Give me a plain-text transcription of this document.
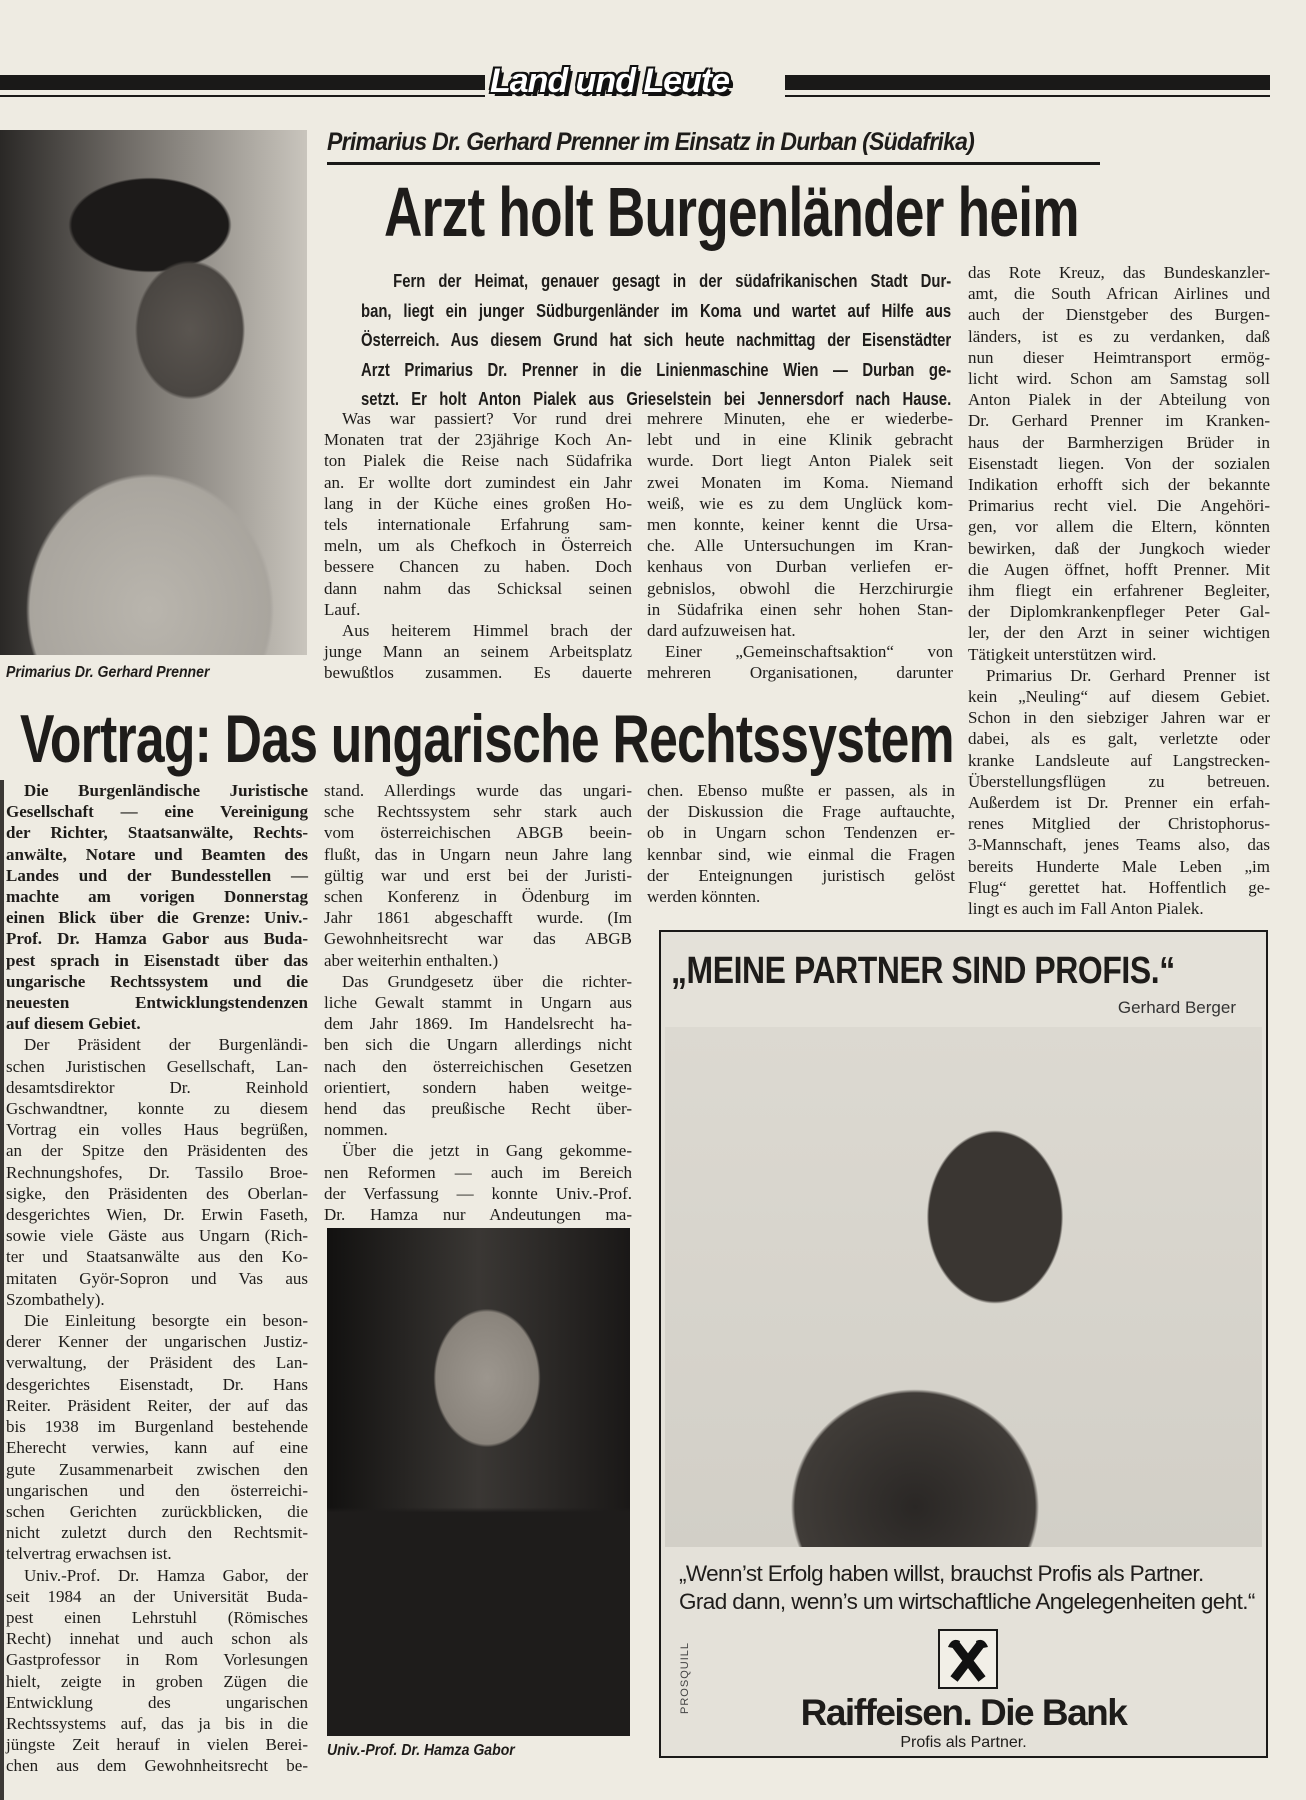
Land und Leute
Primarius Dr. Gerhard Prenner
Primarius Dr. Gerhard Prenner im Einsatz in Durban (Südafrika)
Arzt holt Burgenländer heim
Fern der Heimat, genauer gesagt in der südafrikanischen Stadt Dur-
ban, liegt ein junger Südburgenländer im Koma und wartet auf Hilfe aus
Österreich. Aus diesem Grund hat sich heute nachmittag der Eisenstädter
Arzt Primarius Dr. Prenner in die Linienmaschine Wien — Durban ge-
setzt. Er holt Anton Pialek aus Grieselstein bei Jennersdorf nach Hause.
Was war passiert? Vor rund drei
Monaten trat der 23jährige Koch An-
ton Pialek die Reise nach Südafrika
an. Er wollte dort zumindest ein Jahr
lang in der Küche eines großen Ho-
tels internationale Erfahrung sam-
meln, um als Chefkoch in Österreich
bessere Chancen zu haben. Doch
dann nahm das Schicksal seinen
Lauf.
Aus heiterem Himmel brach der
junge Mann an seinem Arbeitsplatz
bewußtlos zusammen. Es dauerte
mehrere Minuten, ehe er wiederbe-
lebt und in eine Klinik gebracht
wurde. Dort liegt Anton Pialek seit
zwei Monaten im Koma. Niemand
weiß, wie es zu dem Unglück kom-
men konnte, keiner kennt die Ursa-
che. Alle Untersuchungen im Kran-
kenhaus von Durban verliefen er-
gebnislos, obwohl die Herzchirurgie
in Südafrika einen sehr hohen Stan-
dard aufzuweisen hat.
Einer „Gemeinschaftsaktion“ von
mehreren Organisationen, darunter
das Rote Kreuz, das Bundeskanzler-
amt, die South African Airlines und
auch der Dienstgeber des Burgen-
länders, ist es zu verdanken, daß
nun dieser Heimtransport ermög-
licht wird. Schon am Samstag soll
Anton Pialek in der Abteilung von
Dr. Gerhard Prenner im Kranken-
haus der Barmherzigen Brüder in
Eisenstadt liegen. Von der sozialen
Indikation erhofft sich der bekannte
Primarius recht viel. Die Angehöri-
gen, vor allem die Eltern, könnten
bewirken, daß der Jungkoch wieder
die Augen öffnet, hofft Prenner. Mit
ihm fliegt ein erfahrener Begleiter,
der Diplomkrankenpfleger Peter Gal-
ler, der den Arzt in seiner wichtigen
Tätigkeit unterstützen wird.
Primarius Dr. Gerhard Prenner ist
kein „Neuling“ auf diesem Gebiet.
Schon in den siebziger Jahren war er
dabei, als es galt, verletzte oder
kranke Landsleute auf Langstrecken-
Überstellungsflügen zu betreuen.
Außerdem ist Dr. Prenner ein erfah-
renes Mitglied der Christophorus-
3-Mannschaft, jenes Teams also, das
bereits Hunderte Male Leben „im
Flug“ gerettet hat. Hoffentlich ge-
lingt es auch im Fall Anton Pialek.
Vortrag: Das ungarische Rechtssystem
Die Burgenländische Juristische
Gesellschaft — eine Vereinigung
der Richter, Staatsanwälte, Rechts-
anwälte, Notare und Beamten des
Landes und der Bundesstellen —
machte am vorigen Donnerstag
einen Blick über die Grenze: Univ.-
Prof. Dr. Hamza Gabor aus Buda-
pest sprach in Eisenstadt über das
ungarische Rechtssystem und die
neuesten Entwicklungstendenzen
auf diesem Gebiet.
Der Präsident der Burgenländi-
schen Juristischen Gesellschaft, Lan-
desamtsdirektor Dr. Reinhold
Gschwandtner, konnte zu diesem
Vortrag ein volles Haus begrüßen,
an der Spitze den Präsidenten des
Rechnungshofes, Dr. Tassilo Broe-
sigke, den Präsidenten des Oberlan-
desgerichtes Wien, Dr. Erwin Faseth,
sowie viele Gäste aus Ungarn (Rich-
ter und Staatsanwälte aus den Ko-
mitaten Györ-Sopron und Vas aus
Szombathely).
Die Einleitung besorgte ein beson-
derer Kenner der ungarischen Justiz-
verwaltung, der Präsident des Lan-
desgerichtes Eisenstadt, Dr. Hans
Reiter. Präsident Reiter, der auf das
bis 1938 im Burgenland bestehende
Eherecht verwies, kann auf eine
gute Zusammenarbeit zwischen den
ungarischen und den österreichi-
schen Gerichten zurückblicken, die
nicht zuletzt durch den Rechtsmit-
telvertrag erwachsen ist.
Univ.-Prof. Dr. Hamza Gabor, der
seit 1984 an der Universität Buda-
pest einen Lehrstuhl (Römisches
Recht) innehat und auch schon als
Gastprofessor in Rom Vorlesungen
hielt, zeigte in groben Zügen die
Entwicklung des ungarischen
Rechtssystems auf, das ja bis in die
jüngste Zeit herauf in vielen Berei-
chen aus dem Gewohnheitsrecht be-
stand. Allerdings wurde das ungari-
sche Rechtssystem sehr stark auch
vom österreichischen ABGB beein-
flußt, das in Ungarn neun Jahre lang
gültig war und erst bei der Juristi-
schen Konferenz in Ödenburg im
Jahr 1861 abgeschafft wurde. (Im
Gewohnheitsrecht war das ABGB
aber weiterhin enthalten.)
Das Grundgesetz über die richter-
liche Gewalt stammt in Ungarn aus
dem Jahr 1869. Im Handelsrecht ha-
ben sich die Ungarn allerdings nicht
nach den österreichischen Gesetzen
orientiert, sondern haben weitge-
hend das preußische Recht über-
nommen.
Über die jetzt in Gang gekomme-
nen Reformen — auch im Bereich
der Verfassung — konnte Univ.-Prof.
Dr. Hamza nur Andeutungen ma-
chen. Ebenso mußte er passen, als in
der Diskussion die Frage auftauchte,
ob in Ungarn schon Tendenzen er-
kennbar sind, wie einmal die Fragen
der Enteignungen juristisch gelöst
werden könnten.
Univ.-Prof. Dr. Hamza Gabor
„MEINE PARTNER SIND PROFIS.“
Gerhard Berger
„Wenn’st Erfolg haben willst, brauchst Profis als Partner.
Grad dann, wenn’s um wirtschaftliche Angelegenheiten geht.“
Raiffeisen. Die Bank
Profis als Partner.
PROSQUILL
